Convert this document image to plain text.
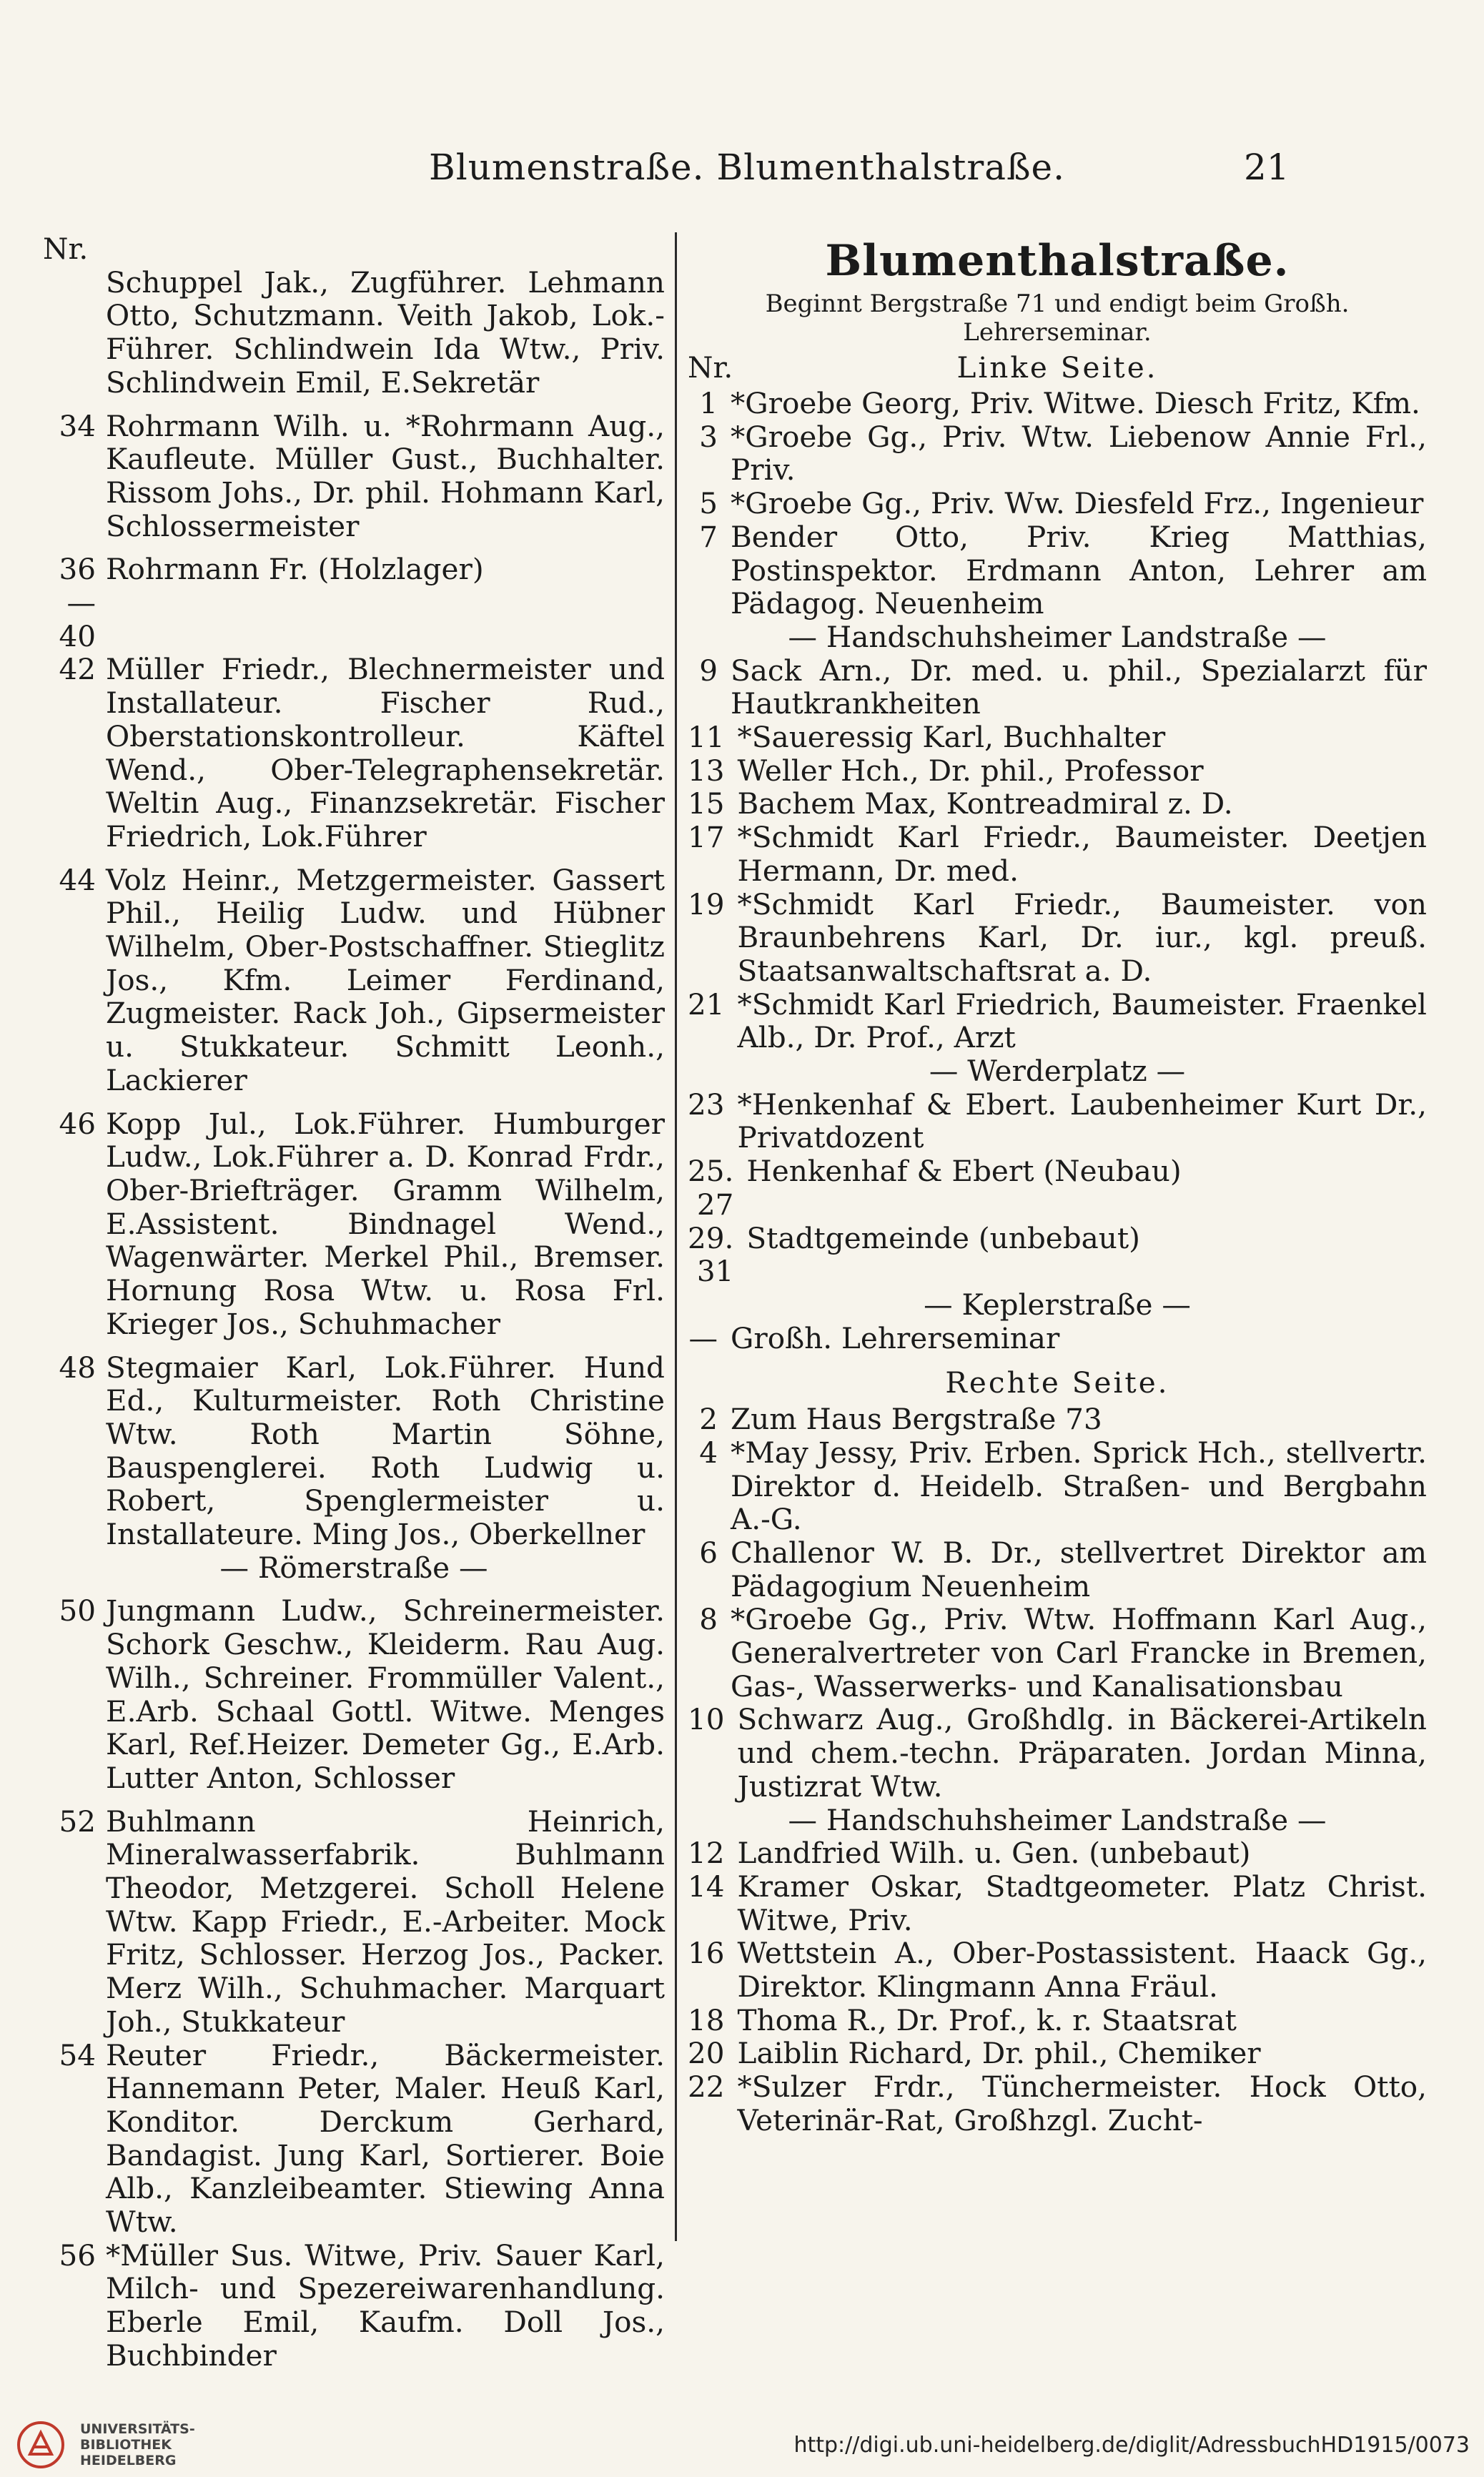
Blumenstraße. Blumenthalstraße.	21
Nr.
Schuppel Jak., Zugführer. Lehmann Otto, Schutzmann. Veith Jakob, Lok.-Führer. Schlindwein Ida Wtw., Priv. Schlindwein Emil, E.Sekretär
34 Rohrmann Wilh. u. *Rohrmann Aug., Kaufleute. Müller Gust., Buchhalter. Rissom Johs., Dr. phil. Hohmann Karl, Schlossermeister
36—40
Rohrmann Fr. (Holzlager)
42 Müller Friedr., Blechnermeister und Installateur. Fischer Rud., Oberstationskontrolleur. Käftel Wend., Ober-Telegraphensekretär. Weltin Aug., Finanzsekretär. Fischer Friedrich, Lok.Führer
44 Volz Heinr., Metzgermeister. Gassert Phil., Heilig Ludw. und Hübner Wilhelm, Ober-Postschaffner. Stieglitz Jos., Kfm. Leimer Ferdinand, Zugmeister. Rack Joh., Gipsermeister u. Stukkateur. Schmitt Leonh., Lackierer
46 Kopp Jul., Lok.Führer. Humburger Ludw., Lok.Führer a. D. Konrad Frdr., Ober-Briefträger. Gramm Wilhelm, E.Assistent. Bindnagel Wend., Wagenwärter. Merkel Phil., Bremser. Hornung Rosa Wtw. u. Rosa Frl. Krieger Jos., Schuhmacher
48 Stegmaier Karl, Lok.Führer. Hund Ed., Kulturmeister. Roth Christine Wtw. Roth Martin Söhne, Bauspenglerei. Roth Ludwig u. Robert, Spenglermeister u. Installateure. Ming Jos., Oberkellner
— Römerstraße —
50 Jungmann Ludw., Schreinermeister. Schork Geschw., Kleiderm. Rau Aug. Wilh., Schreiner. Frommüller Valent., E.Arb. Schaal Gottl. Witwe. Menges Karl, Ref.Heizer. Demeter Gg., E.Arb. Lutter Anton, Schlosser
52 Buhlmann Heinrich, Mineralwasserfabrik. Buhlmann Theodor, Metzgerei. Scholl Helene Wtw. Kapp Friedr., E.-Arbeiter. Mock Fritz, Schlosser. Herzog Jos., Packer. Merz Wilh., Schuhmacher. Marquart Joh., Stukkateur
54 Reuter Friedr., Bäckermeister. Hannemann Peter, Maler. Heuß Karl, Konditor. Derckum Gerhard, Bandagist. Jung Karl, Sortierer. Boie Alb., Kanzleibeamter. Stiewing Anna Wtw.
56 *Müller Sus. Witwe, Priv. Sauer Karl, Milch- und Spezereiwarenhandlung. Eberle Emil, Kaufm. Doll Jos., Buchbinder
Blumenthalstraße.
Beginnt Bergstraße 71 und endigt beim Großh. Lehrerseminar.
Nr.	Linke Seite.
1 *Groebe Georg, Priv. Witwe. Diesch Fritz, Kfm.
3 *Groebe Gg., Priv. Wtw. Liebenow Annie Frl., Priv.
5 *Groebe Gg., Priv. Ww. Diesfeld Frz., Ingenieur
7 Bender Otto, Priv. Krieg Matthias, Postinspektor. Erdmann Anton, Lehrer am Pädagog. Neuenheim
— Handschuhsheimer Landstraße —
9 Sack Arn., Dr. med. u. phil., Spezialarzt für Hautkrankheiten
11 *Saueressig Karl, Buchhalter
13 Weller Hch., Dr. phil., Professor
15 Bachem Max, Kontreadmiral z. D.
17 *Schmidt Karl Friedr., Baumeister. Deetjen Hermann, Dr. med.
19 *Schmidt Karl Friedr., Baumeister. von Braunbehrens Karl, Dr. iur., kgl. preuß. Staatsanwaltschaftsrat a. D.
21 *Schmidt Karl Friedrich, Baumeister. Fraenkel Alb., Dr. Prof., Arzt
— Werderplatz —
23 *Henkenhaf & Ebert. Laubenheimer Kurt Dr., Privatdozent
25. 27
Henkenhaf & Ebert (Neubau)
29. 31
Stadtgemeinde (unbebaut)
— Keplerstraße —
— Großh. Lehrerseminar
Rechte Seite.
2 Zum Haus Bergstraße 73
4 *May Jessy, Priv. Erben. Sprick Hch., stellvertr. Direktor d. Heidelb. Straßen- und Bergbahn A.-G.
6 Challenor W. B. Dr., stellvertret Direktor am Pädagogium Neuenheim
8 *Groebe Gg., Priv. Wtw. Hoffmann Karl Aug., Generalvertreter von Carl Francke in Bremen, Gas-, Wasserwerks- und Kanalisationsbau
10 Schwarz Aug., Großhdlg. in Bäckerei-Artikeln und chem.-techn. Präparaten. Jordan Minna, Justizrat Wtw.
— Handschuhsheimer Landstraße —
12 Landfried Wilh. u. Gen. (unbebaut)
14 Kramer Oskar, Stadtgeometer. Platz Christ. Witwe, Priv.
16 Wettstein A., Ober-Postassistent. Haack Gg., Direktor. Klingmann Anna Fräul.
18 Thoma R., Dr. Prof., k. r. Staatsrat
20 Laiblin Richard, Dr. phil., Chemiker
22 *Sulzer Frdr., Tünchermeister. Hock Otto, Veterinär-Rat, Großhzgl. Zucht-
UNIVERSITÄTS-
BIBLIOTHEK
HEIDELBERG
http://digi.ub.uni-heidelberg.de/diglit/AdressbuchHD1915/0073
